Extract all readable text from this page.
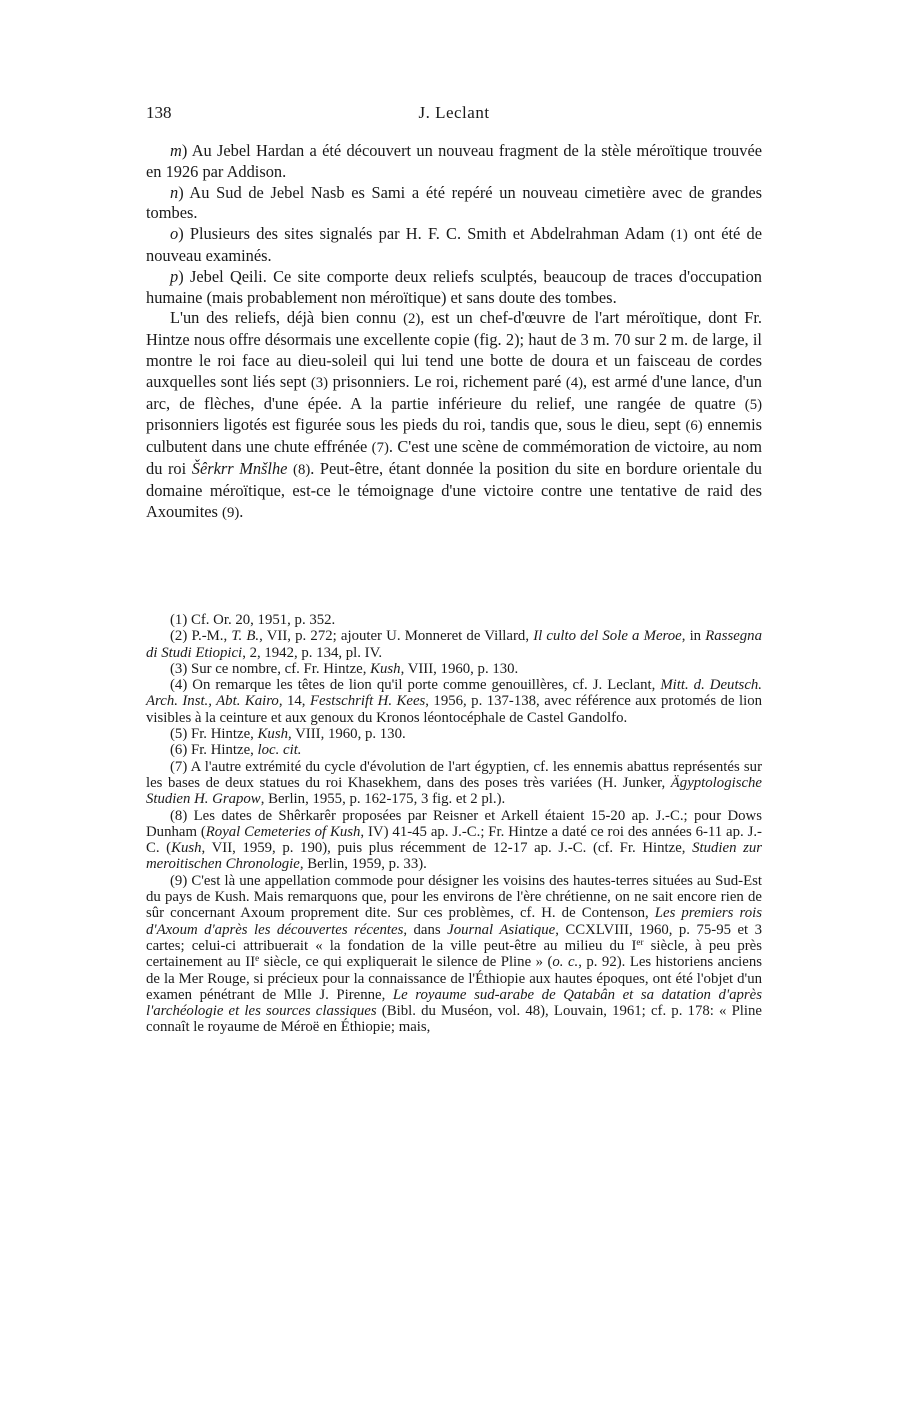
138	J. Leclant

m) Au Jebel Hardan a été découvert un nouveau fragment de la stèle méroïtique trouvée en 1926 par Addison.

n) Au Sud de Jebel Nasb es Sami a été repéré un nouveau cimetière avec de grandes tombes.

o) Plusieurs des sites signalés par H. F. C. Smith et Abdelrahman Adam (1) ont été de nouveau examinés.

p) Jebel Qeili. Ce site comporte deux reliefs sculptés, beaucoup de traces d'occupation humaine (mais probablement non méroïtique) et sans doute des tombes.

L'un des reliefs, déjà bien connu (2), est un chef-d'œuvre de l'art méroïtique, dont Fr. Hintze nous offre désormais une excellente copie (fig. 2); haut de 3 m. 70 sur 2 m. de large, il montre le roi face au dieu-soleil qui lui tend une botte de doura et un faisceau de cordes auxquelles sont liés sept (3) prisonniers. Le roi, richement paré (4), est armé d'une lance, d'un arc, de flèches, d'une épée. A la partie inférieure du relief, une rangée de quatre (5) prisonniers ligotés est figurée sous les pieds du roi, tandis que, sous le dieu, sept (6) ennemis culbutent dans une chute effrénée (7). C'est une scène de commémoration de victoire, au nom du roi Šêrkrr Mnšlhe (8). Peut-être, étant donnée la position du site en bordure orientale du domaine méroïtique, est-ce le témoignage d'une victoire contre une tentative de raid des Axoumites (9).

(1) Cf. Or. 20, 1951, p. 352.

(2) P.-M., T. B., VII, p. 272; ajouter U. Monneret de Villard, Il culto del Sole a Meroe, in Rassegna di Studi Etiopici, 2, 1942, p. 134, pl. IV.

(3) Sur ce nombre, cf. Fr. Hintze, Kush, VIII, 1960, p. 130.

(4) On remarque les têtes de lion qu'il porte comme genouillères, cf. J. Leclant, Mitt. d. Deutsch. Arch. Inst., Abt. Kairo, 14, Festschrift H. Kees, 1956, p. 137-138, avec référence aux protomés de lion visibles à la ceinture et aux genoux du Kronos léontocéphale de Castel Gandolfo.

(5) Fr. Hintze, Kush, VIII, 1960, p. 130.

(6) Fr. Hintze, loc. cit.

(7) A l'autre extrémité du cycle d'évolution de l'art égyptien, cf. les ennemis abattus représentés sur les bases de deux statues du roi Khasekhem, dans des poses très variées (H. Junker, Ägyptologische Studien H. Grapow, Berlin, 1955, p. 162-175, 3 fig. et 2 pl.).

(8) Les dates de Shêrkarêr proposées par Reisner et Arkell étaient 15-20 ap. J.-C.; pour Dows Dunham (Royal Cemeteries of Kush, IV) 41-45 ap. J.-C.; Fr. Hintze a daté ce roi des années 6-11 ap. J.-C. (Kush, VII, 1959, p. 190), puis plus récemment de 12-17 ap. J.-C. (cf. Fr. Hintze, Studien zur meroitischen Chronologie, Berlin, 1959, p. 33).

(9) C'est là une appellation commode pour désigner les voisins des hautes-terres situées au Sud-Est du pays de Kush. Mais remarquons que, pour les environs de l'ère chrétienne, on ne sait encore rien de sûr concernant Axoum proprement dite. Sur ces problèmes, cf. H. de Contenson, Les premiers rois d'Axoum d'après les découvertes récentes, dans Journal Asiatique, CCXLVIII, 1960, p. 75-95 et 3 cartes; celui-ci attribuerait « la fondation de la ville peut-être au milieu du Ier siècle, à peu près certainement au IIe siècle, ce qui expliquerait le silence de Pline » (o. c., p. 92). Les historiens anciens de la Mer Rouge, si précieux pour la connaissance de l'Éthiopie aux hautes époques, ont été l'objet d'un examen pénétrant de Mlle J. Pirenne, Le royaume sud-arabe de Qatabân et sa datation d'après l'archéologie et les sources classiques (Bibl. du Muséon, vol. 48), Louvain, 1961; cf. p. 178: « Pline connaît le royaume de Méroë en Éthiopie; mais,
